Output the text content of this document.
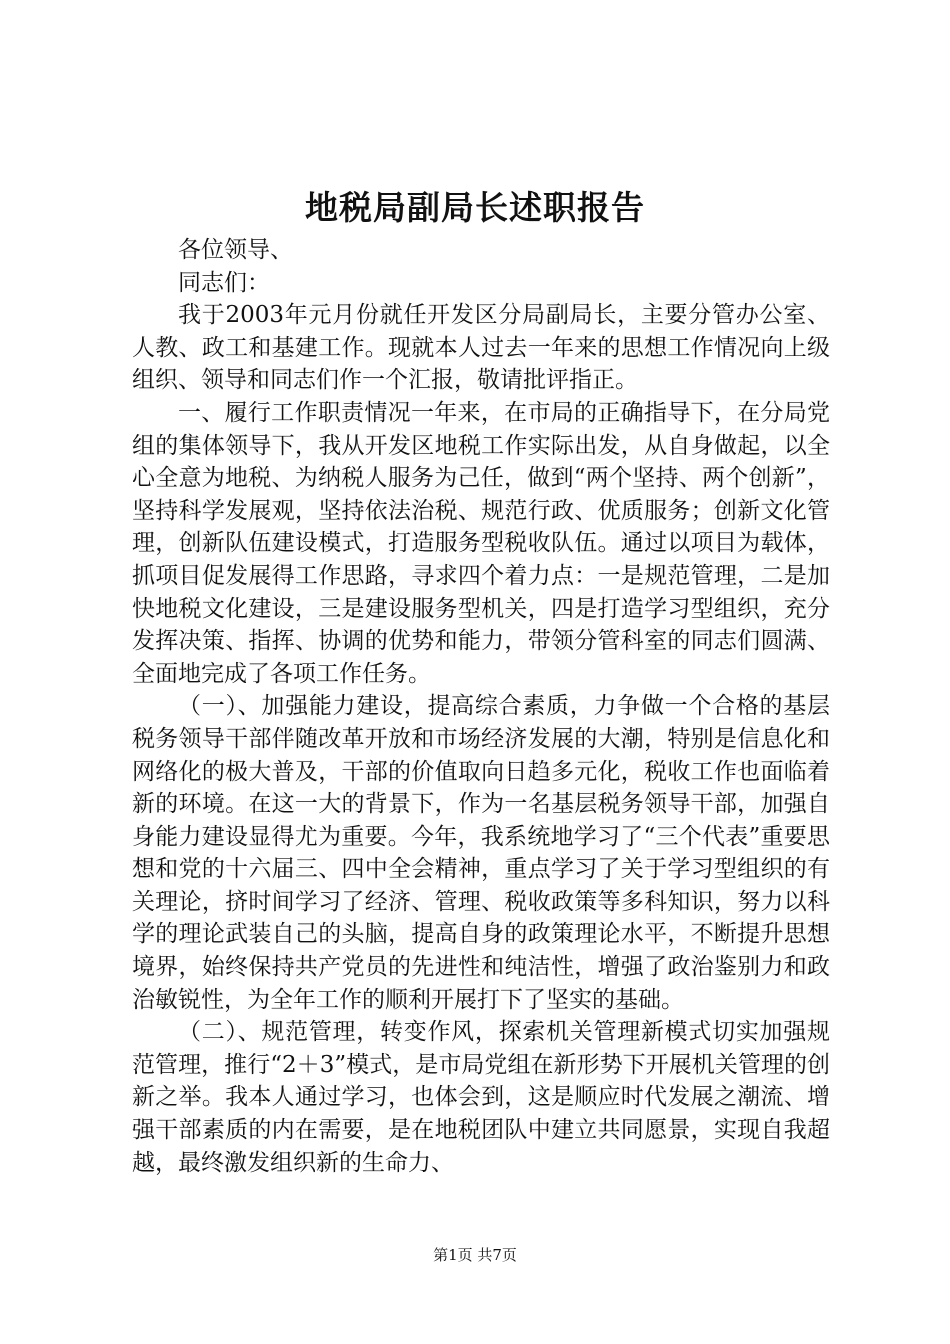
地税局副局长述职报告

各位领导、

同志们：

我于2003年元月份就任开发区分局副局长，主要分管办公室、人教、政工和基建工作。现就本人过去一年来的思想工作情况向上级组织、领导和同志们作一个汇报，敬请批评指正。

一、履行工作职责情况一年来，在市局的正确指导下，在分局党组的集体领导下，我从开发区地税工作实际出发，从自身做起，以全心全意为地税、为纳税人服务为己任，做到“两个坚持、两个创新”，坚持科学发展观，坚持依法治税、规范行政、优质服务；创新文化管理，创新队伍建设模式，打造服务型税收队伍。通过以项目为载体，抓项目促发展得工作思路，寻求四个着力点：一是规范管理，二是加快地税文化建设，三是建设服务型机关，四是打造学习型组织，充分发挥决策、指挥、协调的优势和能力，带领分管科室的同志们圆满、全面地完成了各项工作任务。

（一）、加强能力建设，提高综合素质，力争做一个合格的基层税务领导干部伴随改革开放和市场经济发展的大潮，特别是信息化和网络化的极大普及，干部的价值取向日趋多元化，税收工作也面临着新的环境。在这一大的背景下，作为一名基层税务领导干部，加强自身能力建设显得尤为重要。今年，我系统地学习了“三个代表”重要思想和党的十六届三、四中全会精神，重点学习了关于学习型组织的有关理论，挤时间学习了经济、管理、税收政策等多科知识，努力以科学的理论武装自己的头脑，提高自身的政策理论水平，不断提升思想境界，始终保持共产党员的先进性和纯洁性，增强了政治鉴别力和政治敏锐性，为全年工作的顺利开展打下了坚实的基础。

（二）、规范管理，转变作风，探索机关管理新模式切实加强规范管理，推行“2＋3”模式，是市局党组在新形势下开展机关管理的创新之举。我本人通过学习，也体会到，这是顺应时代发展之潮流、增强干部素质的内在需要，是在地税团队中建立共同愿景，实现自我超越，最终激发组织新的生命力、

第1页 共7页
